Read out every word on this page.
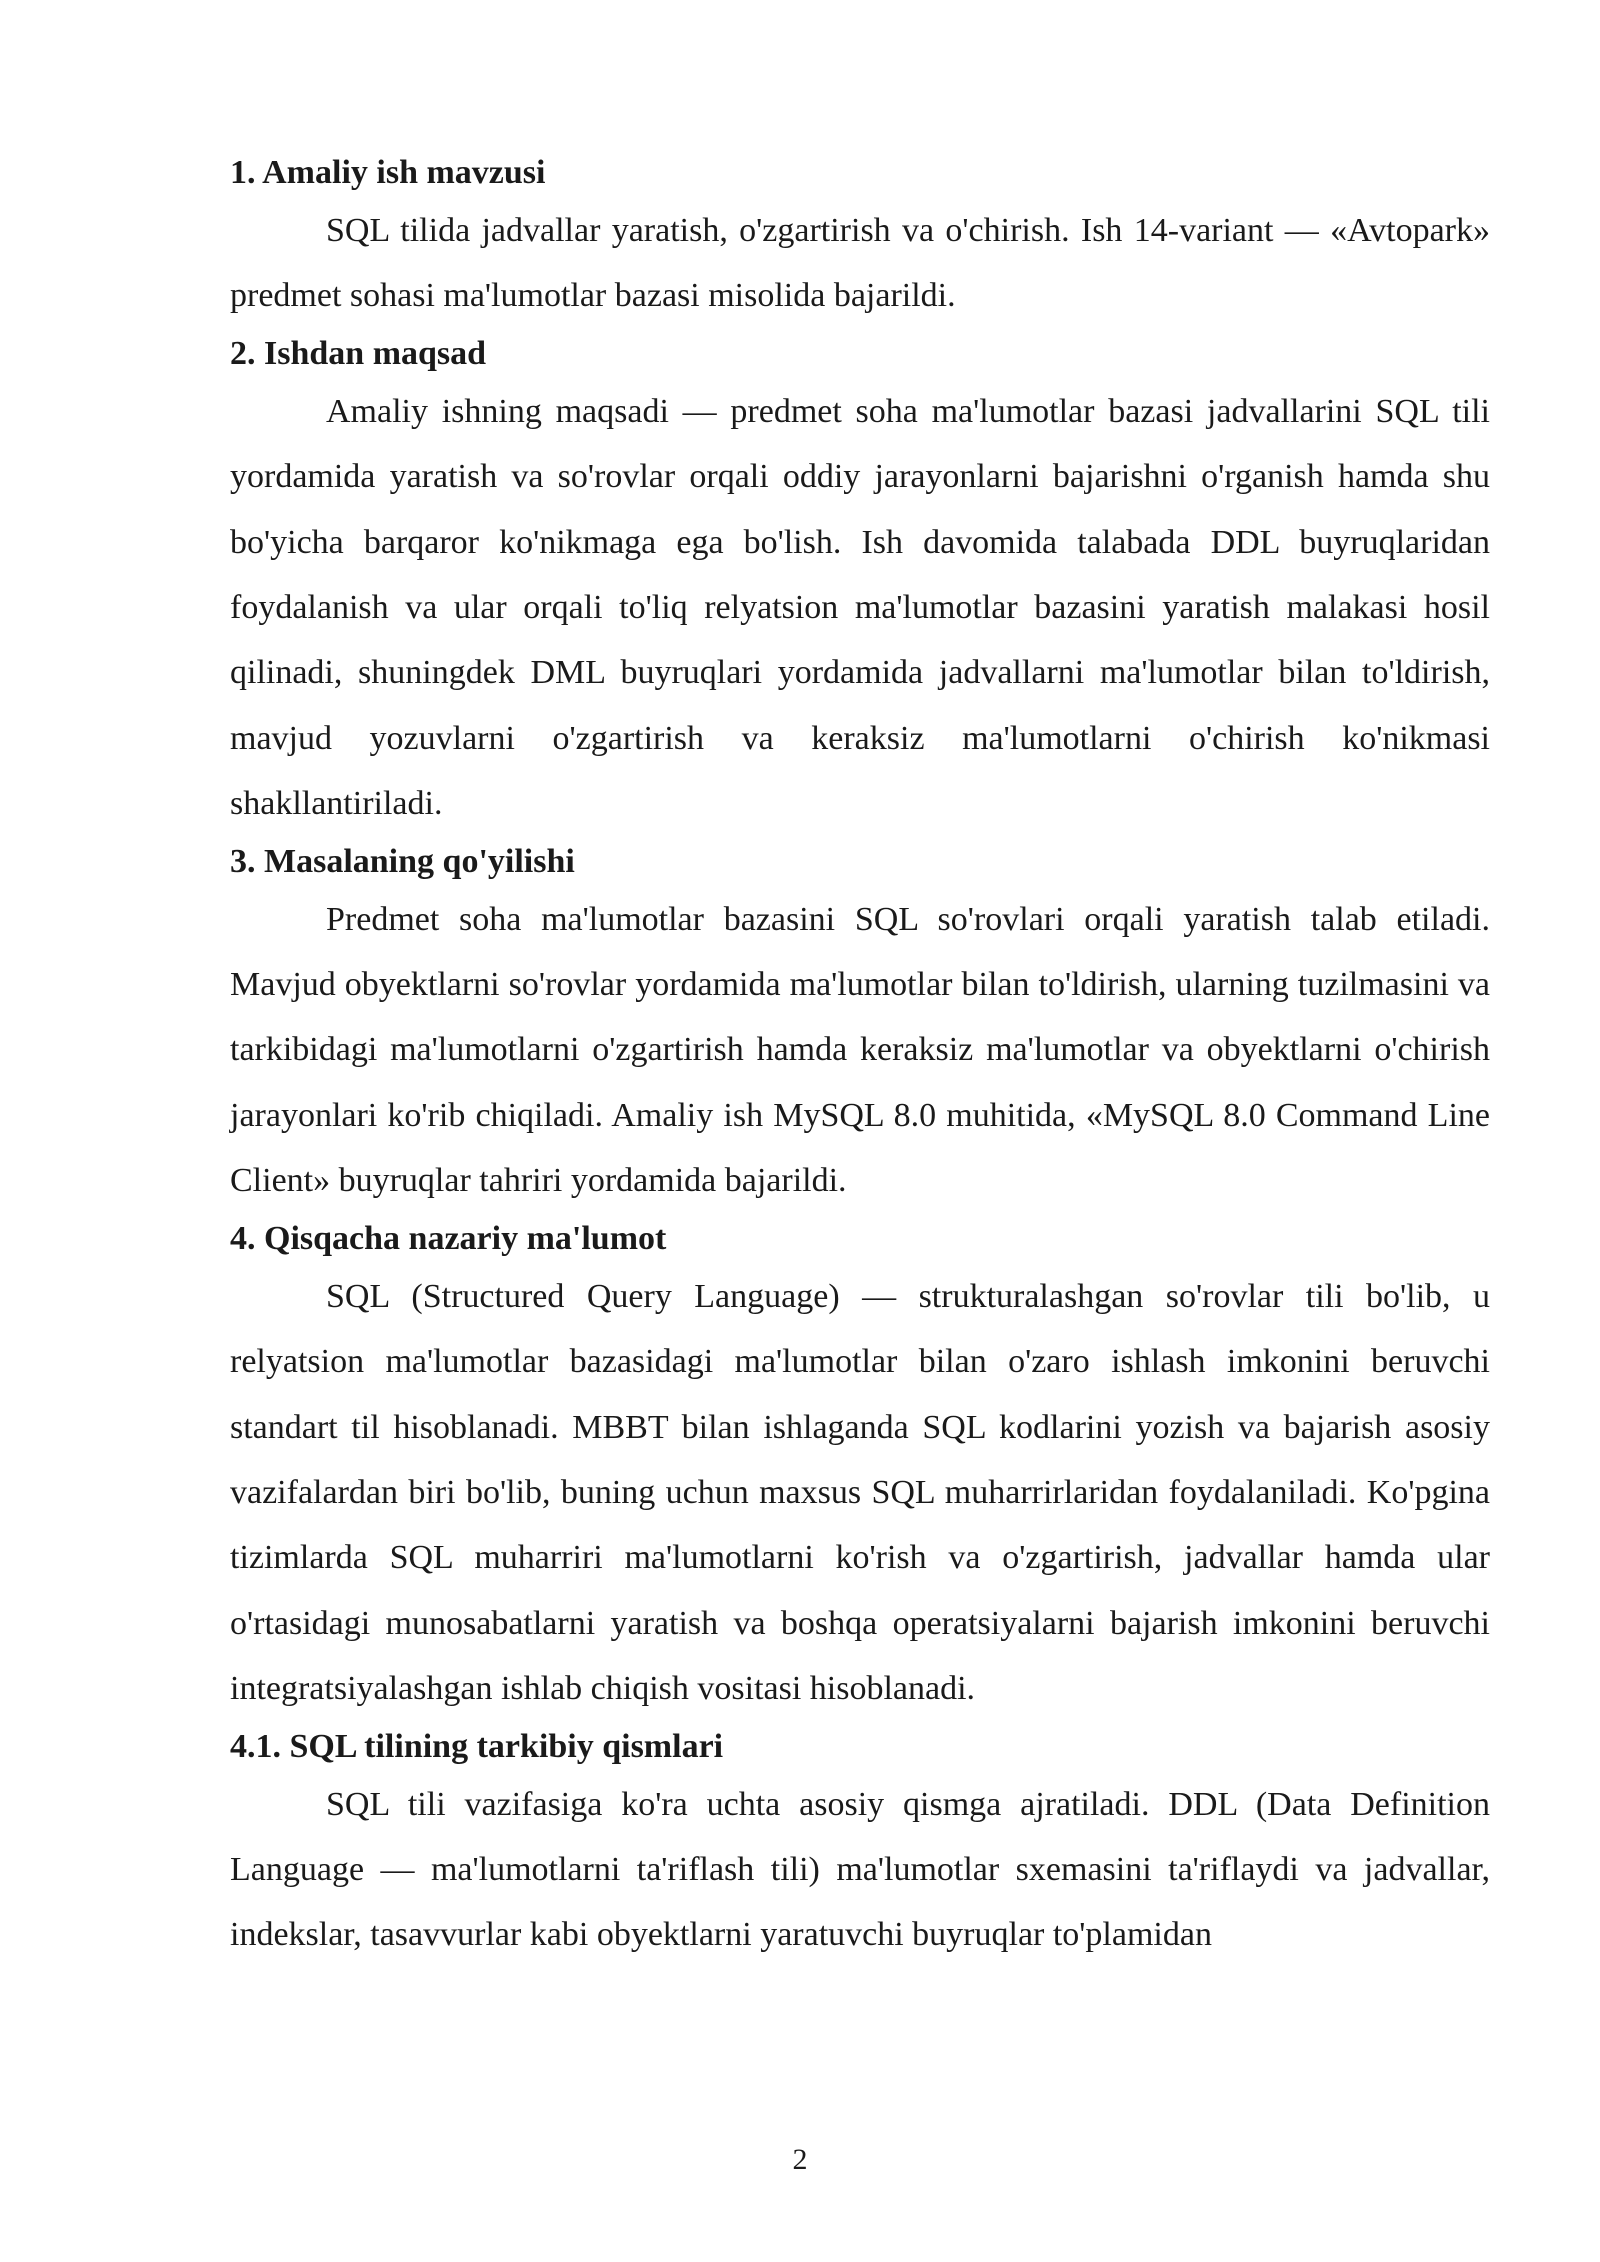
1. Amaliy ish mavzusi

SQL tilida jadvallar yaratish, o'zgartirish va o'chirish. Ish 14-variant — «Avtopark» predmet sohasi ma'lumotlar bazasi misolida bajarildi.

2. Ishdan maqsad

Amaliy ishning maqsadi — predmet soha ma'lumotlar bazasi jadvallarini SQL tili yordamida yaratish va so'rovlar orqali oddiy jarayonlarni bajarishni o'rganish hamda shu bo'yicha barqaror ko'nikmaga ega bo'lish. Ish davomida talabada DDL buyruqlaridan foydalanish va ular orqali to'liq relyatsion ma'lumotlar bazasini yaratish malakasi hosil qilinadi, shuningdek DML buyruqlari yordamida jadvallarni ma'lumotlar bilan to'ldirish, mavjud yozuvlarni o'zgartirish va keraksiz ma'lumotlarni o'chirish ko'nikmasi shakllantiriladi.

3. Masalaning qo'yilishi

Predmet soha ma'lumotlar bazasini SQL so'rovlari orqali yaratish talab etiladi. Mavjud obyektlarni so'rovlar yordamida ma'lumotlar bilan to'ldirish, ularning tuzilmasini va tarkibidagi ma'lumotlarni o'zgartirish hamda keraksiz ma'lumotlar va obyektlarni o'chirish jarayonlari ko'rib chiqiladi. Amaliy ish MySQL 8.0 muhitida, «MySQL 8.0 Command Line Client» buyruqlar tahriri yordamida bajarildi.

4. Qisqacha nazariy ma'lumot

SQL (Structured Query Language) — strukturalashgan so'rovlar tili bo'lib, u relyatsion ma'lumotlar bazasidagi ma'lumotlar bilan o'zaro ishlash imkonini beruvchi standart til hisoblanadi. MBBT bilan ishlaganda SQL kodlarini yozish va bajarish asosiy vazifalardan biri bo'lib, buning uchun maxsus SQL muharrirlaridan foydalaniladi. Ko'pgina tizimlarda SQL muharriri ma'lumotlarni ko'rish va o'zgartirish, jadvallar hamda ular o'rtasidagi munosabatlarni yaratish va boshqa operatsiyalarni bajarish imkonini beruvchi integratsiyalashgan ishlab chiqish vositasi hisoblanadi.

4.1. SQL tilining tarkibiy qismlari

SQL tili vazifasiga ko'ra uchta asosiy qismga ajratiladi. DDL (Data Definition Language — ma'lumotlarni ta'riflash tili) ma'lumotlar sxemasini ta'riflaydi va jadvallar, indekslar, tasavvurlar kabi obyektlarni yaratuvchi buyruqlar to'plamidan

2
